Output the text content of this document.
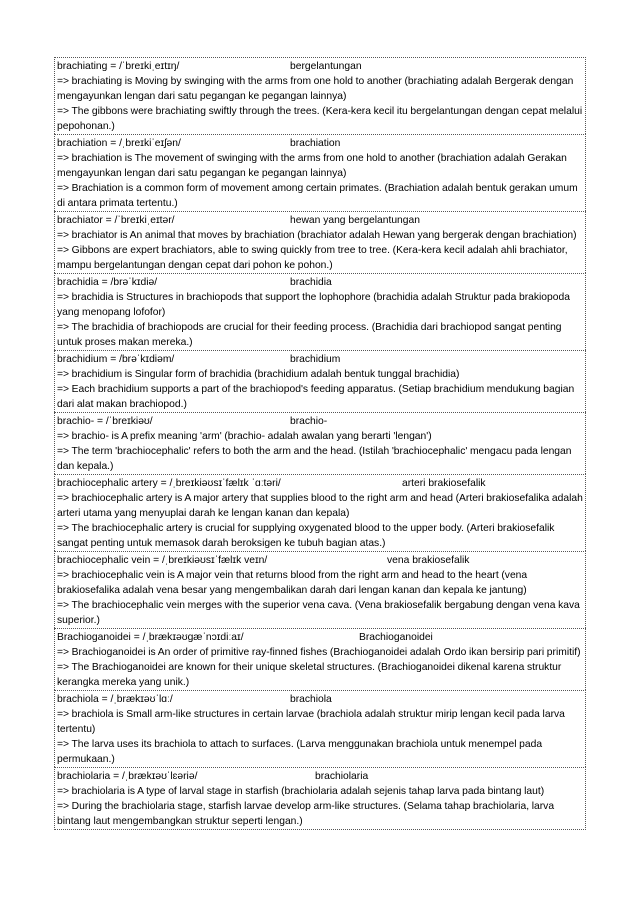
brachiating = /ˈbreɪkiˌeɪtɪŋ/	bergelantungan
=> brachiating is Moving by swinging with the arms from one hold to another (brachiating adalah Bergerak dengan mengayunkan lengan dari satu pegangan ke pegangan lainnya)
=> The gibbons were brachiating swiftly through the trees. (Kera-kera kecil itu bergelantungan dengan cepat melalui pepohonan.)
brachiation = /ˌbreɪkiˈeɪʃən/	brachiation
=> brachiation is The movement of swinging with the arms from one hold to another (brachiation adalah Gerakan mengayunkan lengan dari satu pegangan ke pegangan lainnya)
=> Brachiation is a common form of movement among certain primates. (Brachiation adalah bentuk gerakan umum di antara primata tertentu.)
brachiator = /ˈbreɪkiˌeɪtər/	hewan yang bergelantungan
=> brachiator is An animal that moves by brachiation (brachiator adalah Hewan yang bergerak dengan brachiation)
=> Gibbons are expert brachiators, able to swing quickly from tree to tree. (Kera-kera kecil adalah ahli brachiator, mampu bergelantungan dengan cepat dari pohon ke pohon.)
brachidia = /brəˈkɪdiə/	brachidia
=> brachidia is Structures in brachiopods that support the lophophore (brachidia adalah Struktur pada brakiopoda yang menopang lofofor)
=> The brachidia of brachiopods are crucial for their feeding process. (Brachidia dari brachiopod sangat penting untuk proses makan mereka.)
brachidium = /brəˈkɪdiəm/	brachidium
=> brachidium is Singular form of brachidia (brachidium adalah bentuk tunggal brachidia)
=> Each brachidium supports a part of the brachiopod's feeding apparatus. (Setiap brachidium mendukung bagian dari alat makan brachiopod.)
brachio- = /ˈbreɪkiəʊ/	brachio-
=> brachio- is A prefix meaning 'arm' (brachio- adalah awalan yang berarti 'lengan')
=> The term 'brachiocephalic' refers to both the arm and the head. (Istilah 'brachiocephalic' mengacu pada lengan dan kepala.)
brachiocephalic artery = /ˌbreɪkiəʊsɪˈfælɪk ˈɑːtəri/	arteri brakiosefalik
=> brachiocephalic artery is A major artery that supplies blood to the right arm and head (Arteri brakiosefalika adalah arteri utama yang menyuplai darah ke lengan kanan dan kepala)
=> The brachiocephalic artery is crucial for supplying oxygenated blood to the upper body. (Arteri brakiosefalik sangat penting untuk memasok darah beroksigen ke tubuh bagian atas.)
brachiocephalic vein = /ˌbreɪkiəʊsɪˈfælɪk veɪn/	vena brakiosefalik
=> brachiocephalic vein is A major vein that returns blood from the right arm and head to the heart (vena brakiosefalika adalah vena besar yang mengembalikan darah dari lengan kanan dan kepala ke jantung)
=> The brachiocephalic vein merges with the superior vena cava. (Vena brakiosefalik bergabung dengan vena kava superior.)
Brachioganoidei = /ˌbrækɪəʊgæˈnɔɪdiːaɪ/	Brachioganoidei
=> Brachioganoidei is An order of primitive ray-finned fishes (Brachioganoidei adalah Ordo ikan bersirip pari primitif)
=> The Brachioganoidei are known for their unique skeletal structures. (Brachioganoidei dikenal karena struktur kerangka mereka yang unik.)
brachiola = /ˌbrækɪəʊˈlɑː/	brachiola
=> brachiola is Small arm-like structures in certain larvae (brachiola adalah struktur mirip lengan kecil pada larva tertentu)
=> The larva uses its brachiola to attach to surfaces. (Larva menggunakan brachiola untuk menempel pada permukaan.)
brachiolaria = /ˌbrækɪəʊˈlɛəriə/	brachiolaria
=> brachiolaria is A type of larval stage in starfish (brachiolaria adalah sejenis tahap larva pada bintang laut)
=> During the brachiolaria stage, starfish larvae develop arm-like structures. (Selama tahap brachiolaria, larva bintang laut mengembangkan struktur seperti lengan.)
